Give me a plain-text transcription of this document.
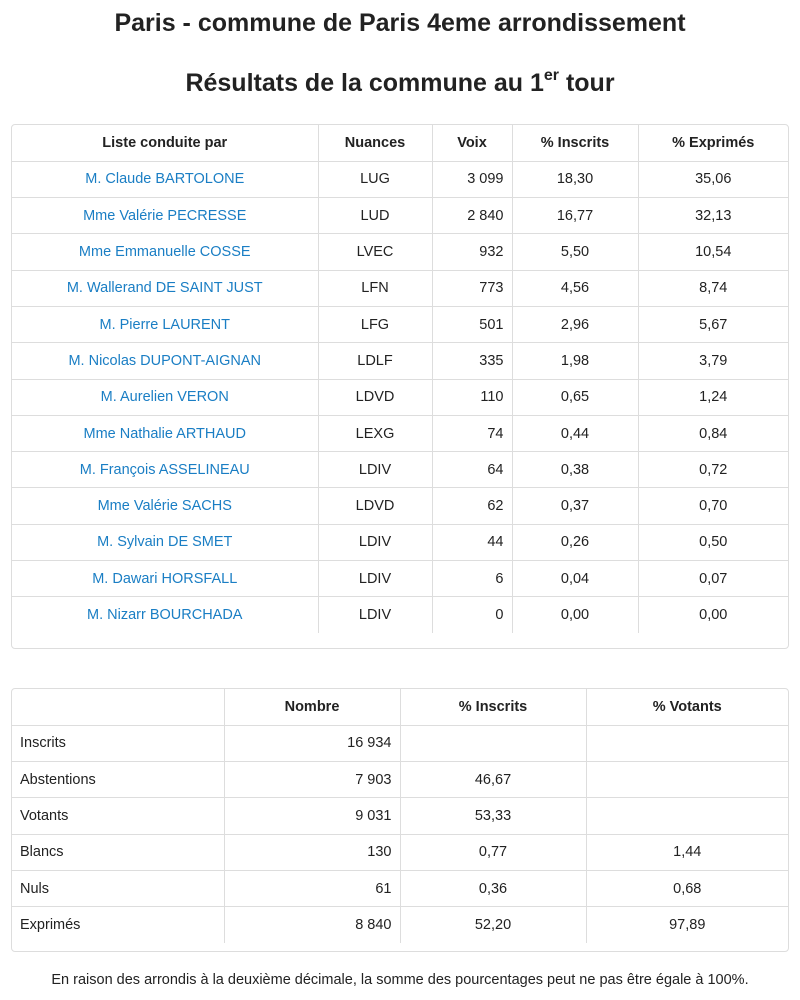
Paris - commune de Paris 4eme arrondissement
Résultats de la commune au 1er tour
Liste conduite par	Nuances	Voix	% Inscrits	% Exprimés
M. Claude BARTOLONE	LUG	3 099	18,30	35,06
Mme Valérie PECRESSE	LUD	2 840	16,77	32,13
Mme Emmanuelle COSSE	LVEC	932	5,50	10,54
M. Wallerand DE SAINT JUST	LFN	773	4,56	8,74
M. Pierre LAURENT	LFG	501	2,96	5,67
M. Nicolas DUPONT-AIGNAN	LDLF	335	1,98	3,79
M. Aurelien VERON	LDVD	110	0,65	1,24
Mme Nathalie ARTHAUD	LEXG	74	0,44	0,84
M. François ASSELINEAU	LDIV	64	0,38	0,72
Mme Valérie SACHS	LDVD	62	0,37	0,70
M. Sylvain DE SMET	LDIV	44	0,26	0,50
M. Dawari HORSFALL	LDIV	6	0,04	0,07
M. Nizarr BOURCHADA	LDIV	0	0,00	0,00
	Nombre	% Inscrits	% Votants
Inscrits	16 934		
Abstentions	7 903	46,67	
Votants	9 031	53,33	
Blancs	130	0,77	1,44
Nuls	61	0,36	0,68
Exprimés	8 840	52,20	97,89

En raison des arrondis à la deuxième décimale, la somme des pourcentages peut ne pas être égale à 100%.
